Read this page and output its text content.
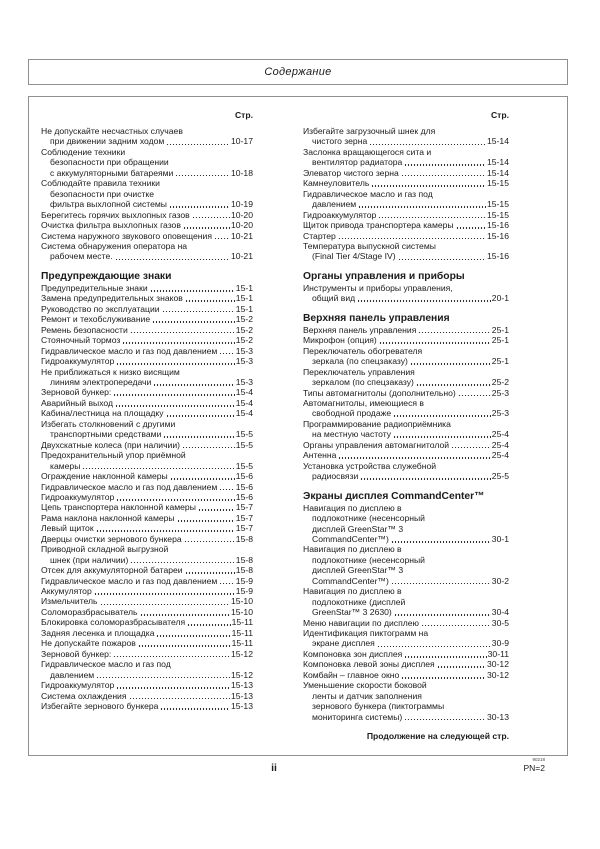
Содержание
Стр.
Не допускайте несчастных случаев
при движении задним ходом	10-17
Соблюдение техники
безопасности при обращении
с аккумуляторными батареями	10-18
Соблюдайте правила техники
безопасности при очистке
фильтра выхлопной системы	10-19
Берегитесь горячих выхлопных газов	10-20
Очистка фильтра выхлопных газов	10-20
Система наружного звукового оповещения 10-21
Система обнаружения оператора на
рабочем месте.	10-21
Предупреждающие знаки
Предупредительные знаки	15-1
Замена предупредительных знаков	15-1
Руководство по эксплуатации	15-1
Ремонт и техобслуживание	15-2
Ремень безопасности	15-2
Стояночный тормоз	15-2
Гидравлическое масло и газ под давлением 15-3
Гидроаккумулятор	15-3
Не приближаться к низко висящим
линиям электропередачи	15-3
Зерновой бункер:	15-4
Аварийный выход	15-4
Кабина/лестница на площадку	15-4
Избегать столкновений с другими
транспортными средствами	15-5
Двухскатные колеса (при наличии)	15-5
Предохранительный упор приёмной
камеры	15-5
Ограждение наклонной камеры	15-6
Гидравлическое масло и газ под давлением 15-6
Гидроаккумулятор	15-6
Цепь транспортера наклонной камеры	15-7
Рама наклона наклонной камеры	15-7
Левый щиток	15-7
Дверцы очистки зернового бункера	15-8
Приводной складной выгрузной
шнек (при наличии)	15-8
Отсек для аккумуляторной батареи	15-8
Гидравлическое масло и газ под давлением 15-9
Аккумулятор	15-9
Измельчитель	15-10
Соломоразбрасыватель	15-10
Блокировка соломоразбрасывателя	15-11
Задняя лесенка и площадка	15-11
Не допускайте пожаров	15-11
Зерновой бункер:	15-12
Гидравлическое масло и газ под
давлением	15-12
Гидроаккумулятор	15-13
Система охлаждения	15-13
Избегайте зернового бункера	15-13
Стр.
Избегайте загрузочный шнек для
чистого зерна	15-14
Заслонка вращающегося сита и
вентилятор радиатора	15-14
Элеватор чистого зерна	15-14
Камнеуловитель	15-15
Гидравлическое масло и газ под
давлением	15-15
Гидроаккумулятор	15-15
Щиток привода транспортера камеры	15-16
Стартер	15-16
Температура выпускной системы
(Final Tier 4/Stage IV)	15-16
Органы управления и приборы
Инструменты и приборы управления,
общий вид	20-1
Верхняя панель управления
Верхняя панель управления	25-1
Микрофон (опция)	25-1
Переключатель обогревателя
зеркала (по спецзаказу)	25-1
Переключатель управления
зеркалом (по спецзаказу)	25-2
Типы автомагнитолы (дополнительно)	25-3
Автомагнитолы, имеющиеся в
свободной продаже	25-3
Программирование радиоприёмника
на местную частоту	25-4
Органы управления автомагнитолой	25-4
Антенна	25-4
Установка устройства служебной
радиосвязи	25-5
Экраны дисплея CommandCenter™
Навигация по дисплею в
подлокотнике (несенсорный
дисплей GreenStar™ 3
CommandCenter™)	30-1
Навигация по дисплею в
подлокотнике (несенсорный
дисплей GreenStar™ 3
CommandCenter™)	30-2
Навигация по дисплею в
подлокотнике (дисплей
GreenStar™ 3 2630)	30-4
Меню навигации по дисплею	30-5
Идентификация пиктограмм на
экране дисплея	30-9
Компоновка зон дисплея	30-11
Компоновка левой зоны дисплея	30-12
Комбайн – главное окно	30-12
Уменьшение скорости боковой
ленты и датчик заполнения
зернового бункера (пиктограммы
мониторинга системы)	30-13
Продолжение на следующей стр.
ii
90218
PN=2
